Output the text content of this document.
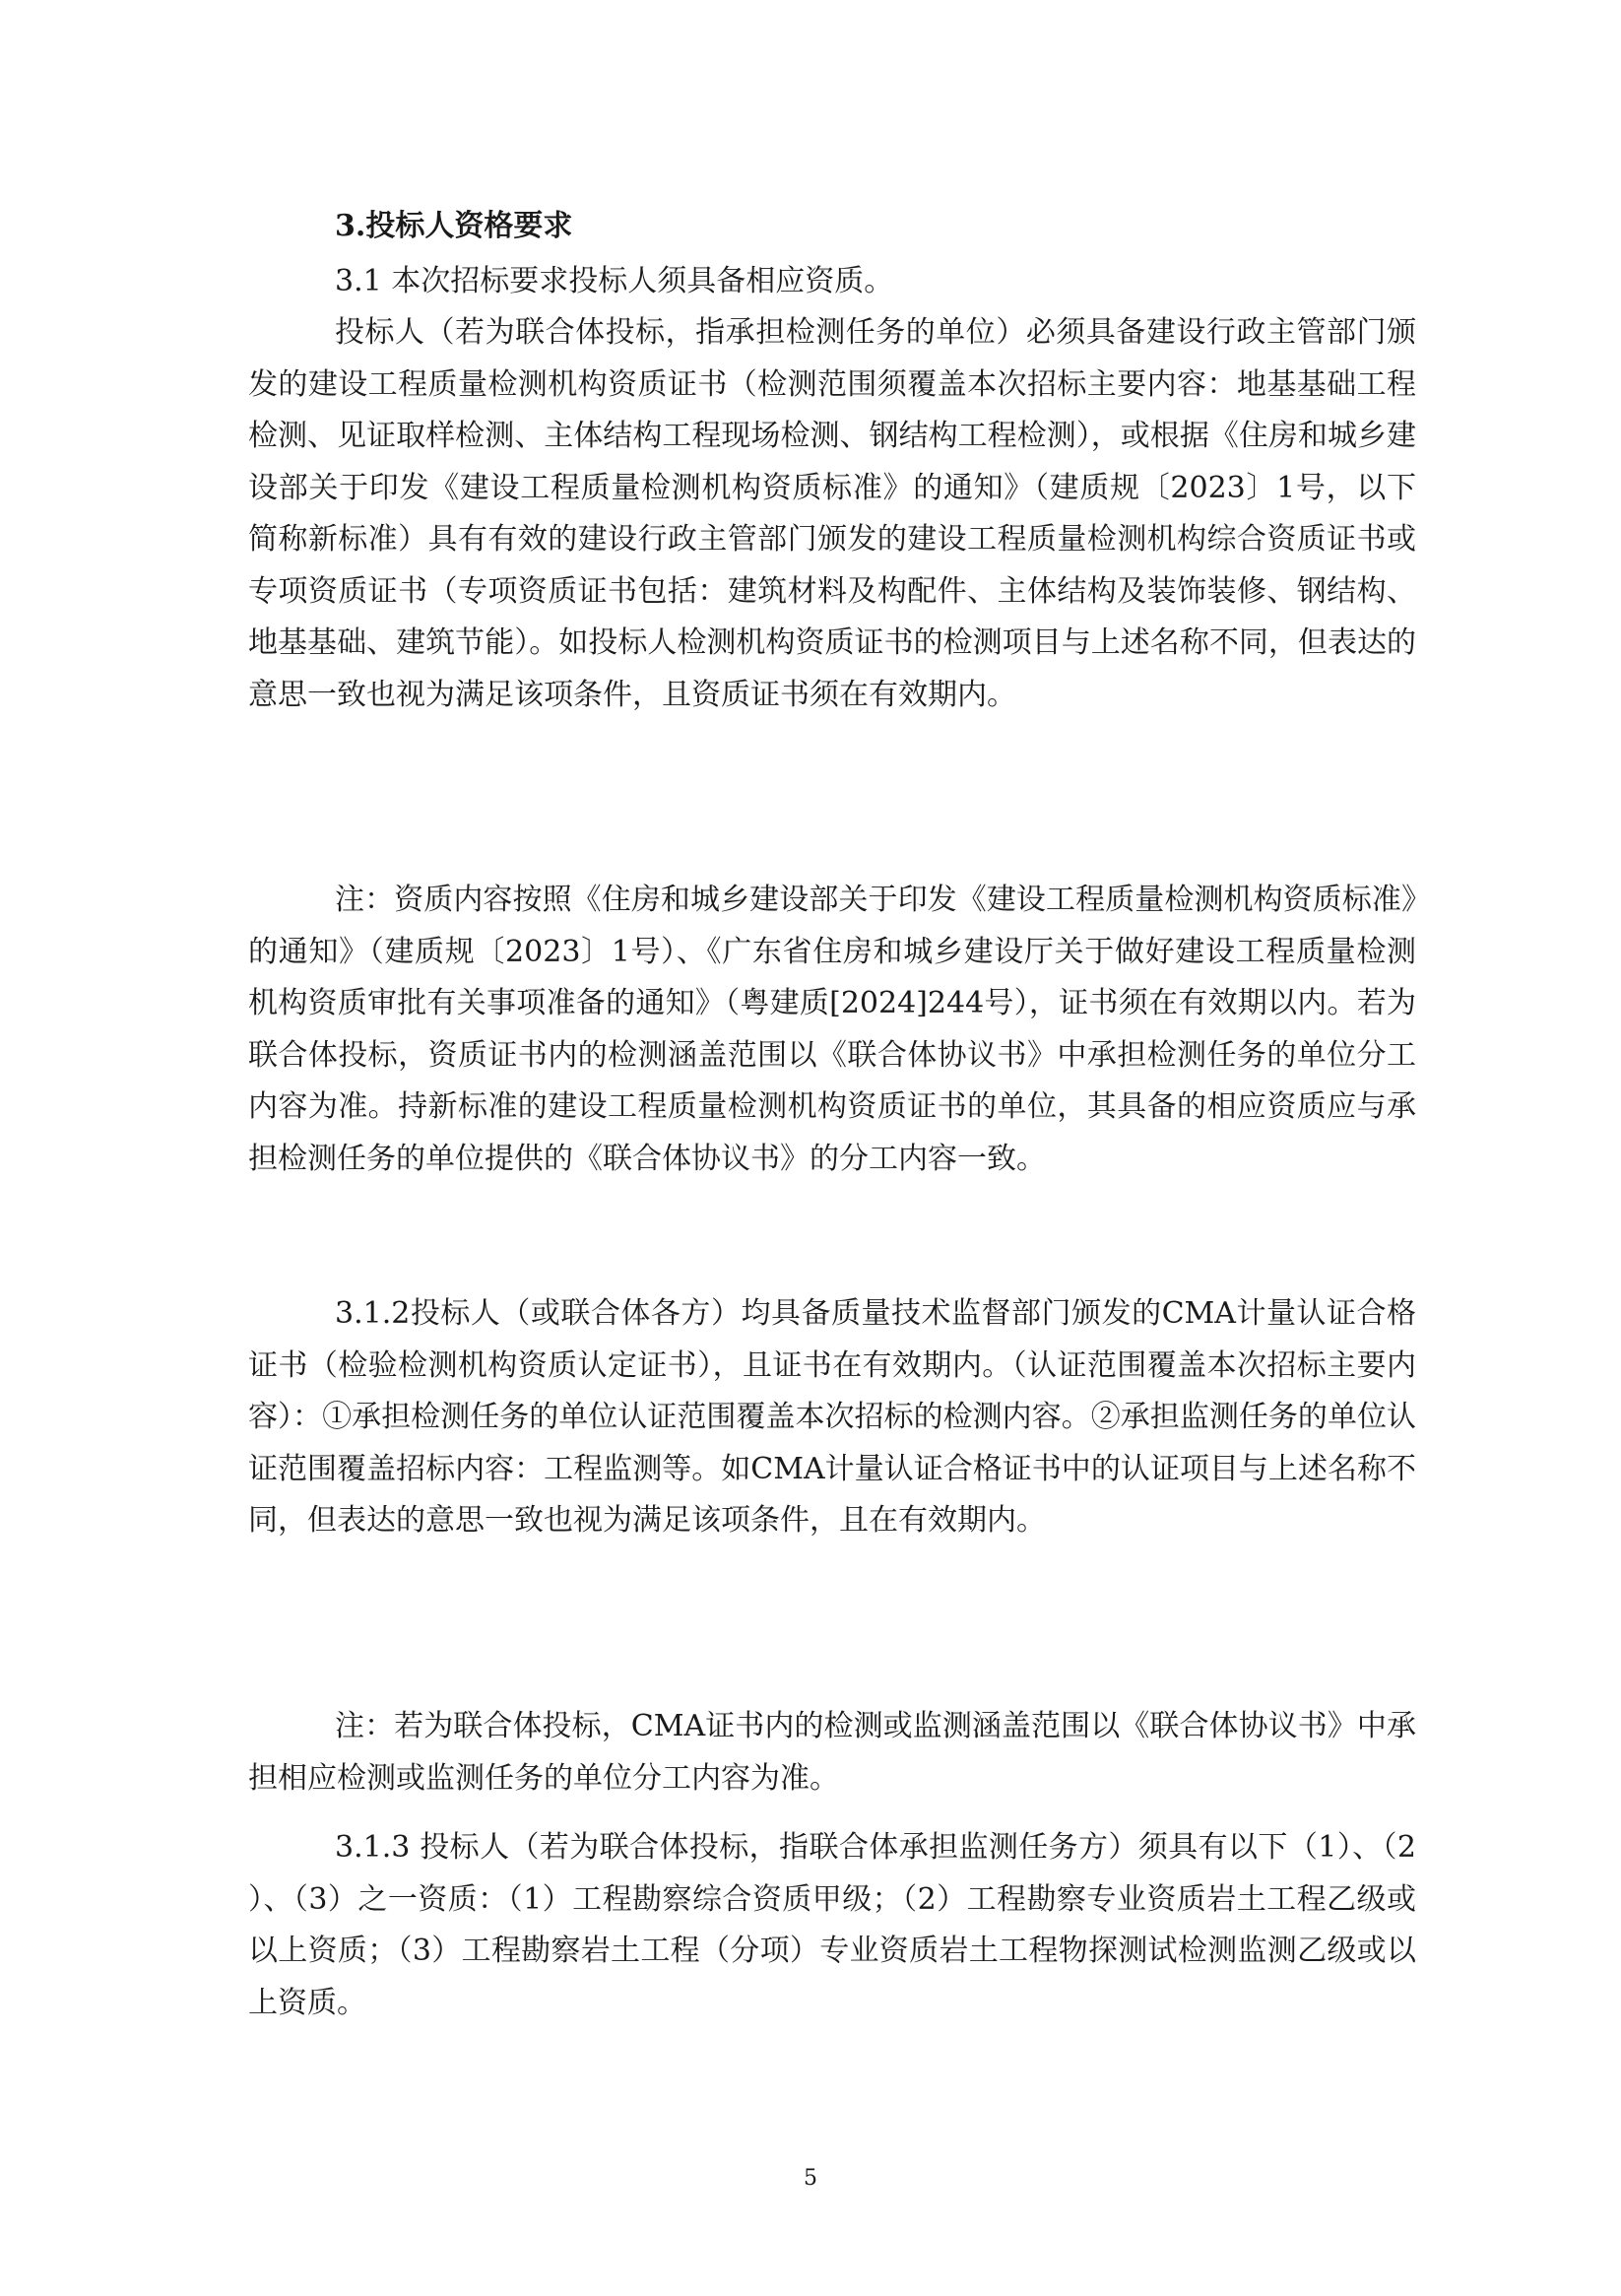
3.投标人资格要求

3.1 本次招标要求投标人须具备相应资质。

投标人（若为联合体投标，指承担检测任务的单位）必须具备建设行政主管部门颁发的建设工程质量检测机构资质证书（检测范围须覆盖本次招标主要内容：地基基础工程检测、见证取样检测、主体结构工程现场检测、钢结构工程检测），或根据《住房和城乡建设部关于印发《建设工程质量检测机构资质标准》的通知》（建质规〔2023〕1号，以下简称新标准）具有有效的建设行政主管部门颁发的建设工程质量检测机构综合资质证书或专项资质证书（专项资质证书包括：建筑材料及构配件、主体结构及装饰装修、钢结构、地基基础、建筑节能）。如投标人检测机构资质证书的检测项目与上述名称不同，但表达的意思一致也视为满足该项条件，且资质证书须在有效期内。

注：资质内容按照《住房和城乡建设部关于印发《建设工程质量检测机构资质标准》的通知》（建质规〔2023〕1号）、《广东省住房和城乡建设厅关于做好建设工程质量检测机构资质审批有关事项准备的通知》（粤建质[2024]244号），证书须在有效期以内。若为联合体投标，资质证书内的检测涵盖范围以《联合体协议书》中承担检测任务的单位分工内容为准。持新标准的建设工程质量检测机构资质证书的单位，其具备的相应资质应与承担检测任务的单位提供的《联合体协议书》的分工内容一致。

3.1.2投标人（或联合体各方）均具备质量技术监督部门颁发的CMA计量认证合格证书（检验检测机构资质认定证书），且证书在有效期内。（认证范围覆盖本次招标主要内容）：①承担检测任务的单位认证范围覆盖本次招标的检测内容。②承担监测任务的单位认证范围覆盖招标内容：工程监测等。如CMA计量认证合格证书中的认证项目与上述名称不同，但表达的意思一致也视为满足该项条件，且在有效期内。

注：若为联合体投标，CMA证书内的检测或监测涵盖范围以《联合体协议书》中承担相应检测或监测任务的单位分工内容为准。

3.1.3 投标人（若为联合体投标，指联合体承担监测任务方）须具有以下（1）、（2）、（3）之一资质：（1）工程勘察综合资质甲级；（2）工程勘察专业资质岩土工程乙级或以上资质；（3）工程勘察岩土工程（分项）专业资质岩土工程物探测试检测监测乙级或以上资质。

5
